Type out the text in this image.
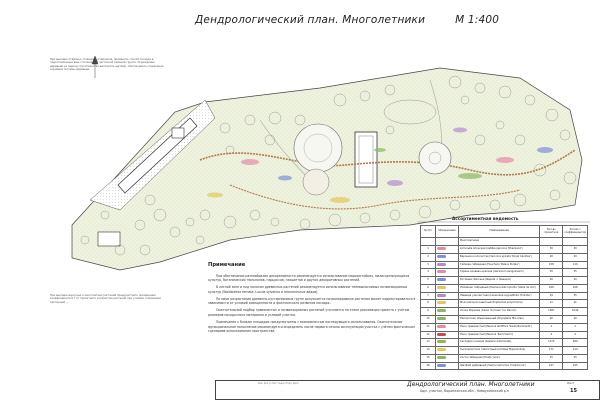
Дендрологический план. Многолетники	М 1:400
При высадке отдельно стоящих кустарников, применять способ посадки в подготовленные ямы с полной или частичной заменой грунта. Ограждение деревьев на период строительства выполнять щитами, обеспечивать сохранение корневой системы деревьев.
При высадке взрослых и многолетних растений предусмотреть применение коэффициента 0.7 от проектного количества растений при условии сохранения пропорций ...
Примечание

При обеспечении разнообразия декоративности рекомендуется использование морозостойких, малосортирующихся культур, ботанических тюльпанов, нарциссов, гиацинтов и других декоративных растений.

В лесной зоне и под пологом древесных растений рекомендуется использование теневыносливых почвопокровных культур (Waldsteinia ternata, Luzula sylvatica и аналогичных видов).

По мере разрастания древесно-кустарниковых групп допускается почвопокровные растения может корректироваться в зависимости от условий освещенности и фактического развития посадок.

Окончательный подбор травянистых и почвопокровных растений уточняется на этапе реализации проекта с учётом размеров посадочного материала и условий участка.

Примечания к блокам площадок предусмотрены с возможностью последующего использования. Окончательное функциональное наполнение рекомендуется определить после первого сезона эксплуатации участка с учётом фактических сценариев использования пространства.

Ассортиментная ведомость
№ п/п	Обозначение	Наименование	Кол-во проектное	Кол-во с коэффициентом
		Многолетники		
1		Астильба японская (Astilbe japonica 'Rheinland')	30	30
2		Вероника колосистая (Veronica spicata 'Royal Candles')	20	20
3		Гейхера гибридная (Heuchera 'Palace Purple')	158	110
4		Герань кроваво-красная (Geranium sanguineum)	35	35
5		Котовник Фассена (Nepeta × faassenii)	20	20
6		Лилейник гибридный (Hemerocallis hybrida 'Stella de Oro')	168	168
7		Лаванда узколистная (Lavandula angustifolia 'Hidcote')	29	35
8		Молочай многоцветный (Euphorbia polychroma)	21	21
9		Осока Моррова (Carex morrowii 'Ice Dance')	1487	1040
10		Папоротник обыкновенный (Dryopteris filix-mas)	20	20
11		Пион травянистый (Paeonia lactiflora 'Sarah Bernhardt')	1	1
12		Пион травянистый (Paeonia 'Red Charm')	4	4
13		Сеслерия осенняя (Sesleria autumnalis)	1374	960
14		Тысячелистник таволговый (Achillea filipendulina)	171	119
15		Хоста гибридная (Hosta 'June')	25	25
16		Шалфей дубравный (Salvia nemorosa 'Caradonna')	127	195
Изм. Кол.уч Лист №док Подп. Дата	Дендрологический план. Многолетники
Адм. участок, Воронежская обл., Новоусманский р-н
Лист
15
